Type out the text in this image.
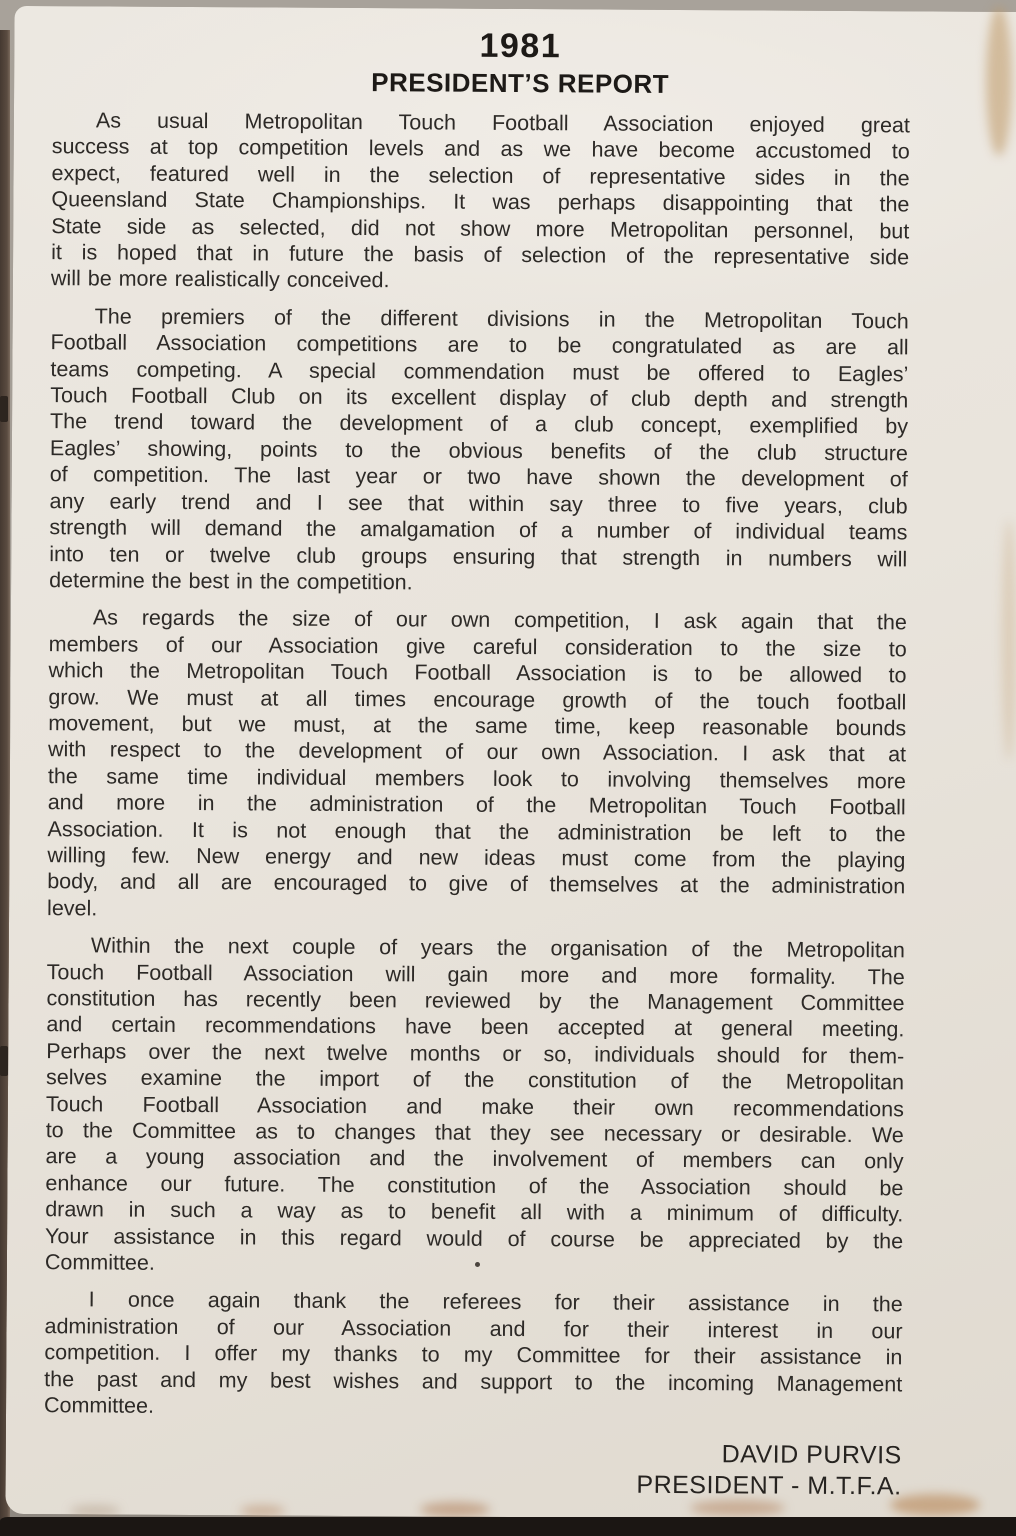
1981
PRESIDENT’S REPORT
As usual Metropolitan Touch Football Association enjoyed great
success at top competition levels and as we have become accustomed to
expect, featured well in the selection of representative sides in the
Queensland State Championships. It was perhaps disappointing that the
State side as selected, did not show more Metropolitan personnel, but
it is hoped that in future the basis of selection of the representative side
will be more realistically conceived.
The premiers of the different divisions in the Metropolitan Touch
Football Association competitions are to be congratulated as are all
teams competing. A special commendation must be offered to Eagles’
Touch Football Club on its excellent display of club depth and strength
The trend toward the development of a club concept, exemplified by
Eagles’ showing, points to the obvious benefits of the club structure
of competition. The last year or two have shown the development of
any early trend and I see that within say three to five years, club
strength will demand the amalgamation of a number of individual teams
into ten or twelve club groups ensuring that strength in numbers will
determine the best in the competition.
As regards the size of our own competition, I ask again that the
members of our Association give careful consideration to the size to
which the Metropolitan Touch Football Association is to be allowed to
grow. We must at all times encourage growth of the touch football
movement, but we must, at the same time, keep reasonable bounds
with respect to the development of our own Association. I ask that at
the same time individual members look to involving themselves more
and more in the administration of the Metropolitan Touch Football
Association. It is not enough that the administration be left to the
willing few. New energy and new ideas must come from the playing
body, and all are encouraged to give of themselves at the administration
level.
Within the next couple of years the organisation of the Metropolitan
Touch Football Association will gain more and more formality. The
constitution has recently been reviewed by the Management Committee
and certain recommendations have been accepted at general meeting.
Perhaps over the next twelve months or so, individuals should for them-
selves examine the import of the constitution of the Metropolitan
Touch Football Association and make their own recommendations
to the Committee as to changes that they see necessary or desirable. We
are a young association and the involvement of members can only
enhance our future. The constitution of the Association should be
drawn in such a way as to benefit all with a minimum of difficulty.
Your assistance in this regard would of course be appreciated by the
Committee.
I once again thank the referees for their assistance in the
administration of our Association and for their interest in our
competition. I offer my thanks to my Committee for their assistance in
the past and my best wishes and support to the incoming Management
Committee.
DAVID PURVIS
PRESIDENT - M.T.F.A.
